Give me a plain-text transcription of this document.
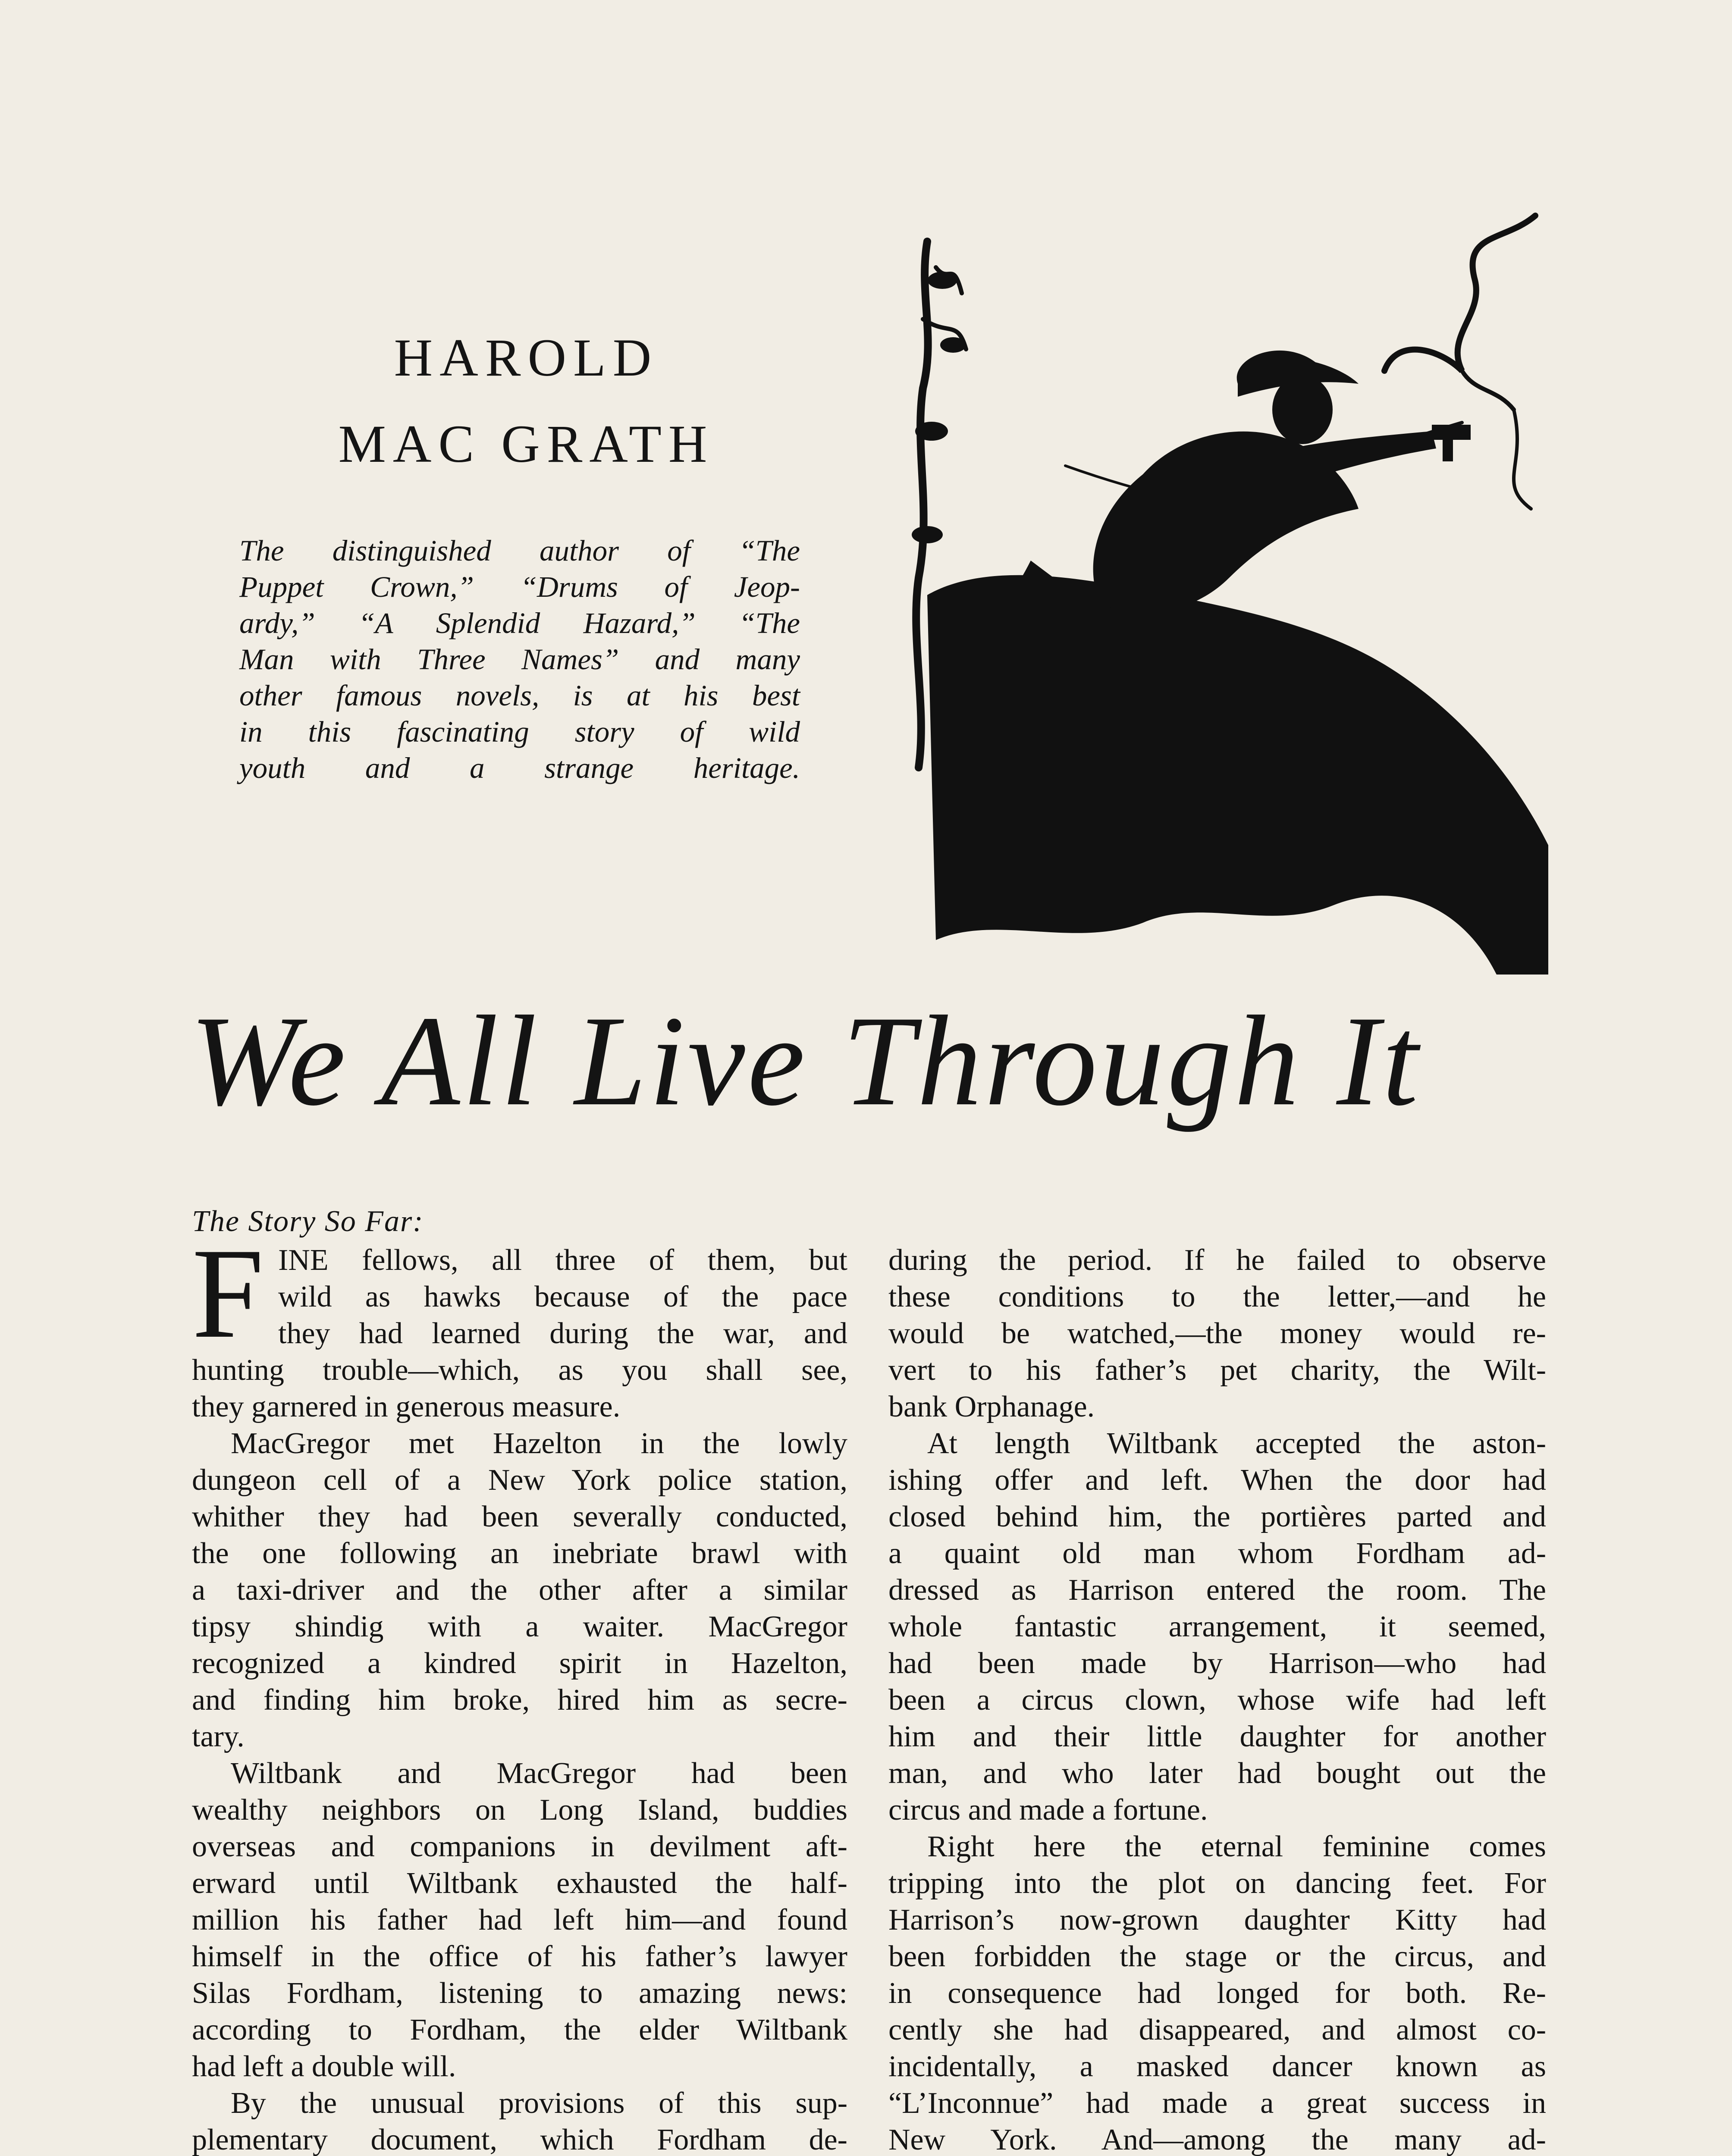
HAROLD
MAC GRATH
The distinguished author of “The
Puppet Crown,” “Drums of Jeop-
ardy,” “A Splendid Hazard,” “The
Man with Three Names” and many
other famous novels, is at his best
in this fascinating story of wild
youth and a strange heritage.
We All Live Through It
The Story So Far:
F INE fellows, all three of them, but
wild as hawks because of the pace
they had learned during the war, and
hunting trouble—which, as you shall see,
they garnered in generous measure.
MacGregor met Hazelton in the lowly
dungeon cell of a New York police station,
whither they had been severally conducted,
the one following an inebriate brawl with
a taxi-driver and the other after a similar
tipsy shindig with a waiter. MacGregor
recognized a kindred spirit in Hazelton,
and finding him broke, hired him as secre-
tary.
Wiltbank and MacGregor had been
wealthy neighbors on Long Island, buddies
overseas and companions in devilment aft-
erward until Wiltbank exhausted the half-
million his father had left him—and found
himself in the office of his father’s lawyer
Silas Fordham, listening to amazing news:
according to Fordham, the elder Wiltbank
had left a double will.
By the unusual provisions of this sup-
plementary document, which Fordham de-
during the period. If he failed to observe
these conditions to the letter,—and he
would be watched,—the money would re-
vert to his father’s pet charity, the Wilt-
bank Orphanage.
At length Wiltbank accepted the aston-
ishing offer and left. When the door had
closed behind him, the portières parted and
a quaint old man whom Fordham ad-
dressed as Harrison entered the room. The
whole fantastic arrangement, it seemed,
had been made by Harrison—who had
been a circus clown, whose wife had left
him and their little daughter for another
man, and who later had bought out the
circus and made a fortune.
Right here the eternal feminine comes
tripping into the plot on dancing feet. For
Harrison’s now-grown daughter Kitty had
been forbidden the stage or the circus, and
in consequence had longed for both. Re-
cently she had disappeared, and almost co-
incidentally, a masked dancer known as
“L’Inconnue” had made a great success in
New York. And—among the many ad-
